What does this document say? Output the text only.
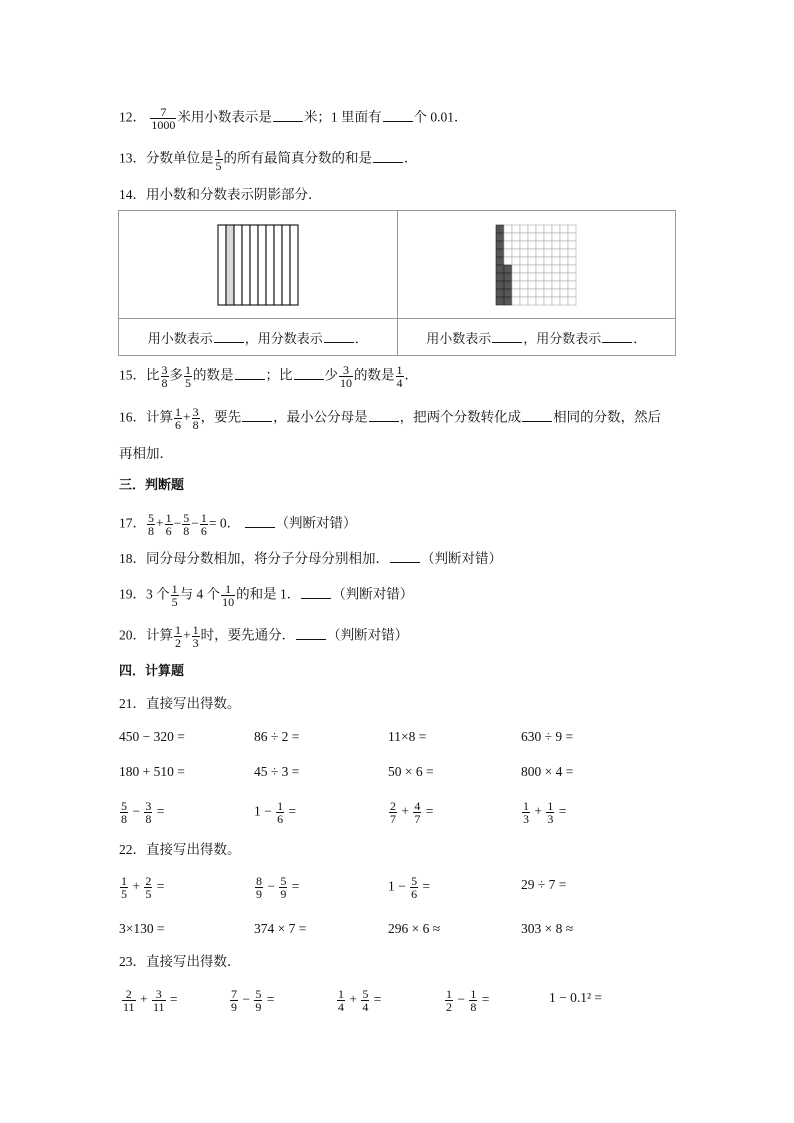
12． $\frac{7}{1000}$ 米用小数表示是 米；1 里面有 个 0.01．
13．分数单位是 $\frac{1}{5}$ 的所有最简真分数的和是 ．
14．用小数和分数表示阴影部分．

用小数表示 ，用分数表示 ．	用小数表示 ，用分数表示 ．
15．比 $\frac{3}{8}$ 多 $\frac{1}{5}$ 的数是 ；比 少 $\frac{3}{10}$ 的数是 $\frac{1}{4}$ ．
16．计算 $\frac{1}{6} + \frac{3}{8}$ ，要先 ，最小公分母是 ，把两个分数转化成 相同的分数，然后
再相加．
三．判断题
17． $\frac{5}{8} + \frac{1}{6} - \frac{5}{8} - \frac{1}{6} = 0$．	（判断对错）
18．同分母分数相加，将分子分母分别相加． （判断对错）
19．3 个 $\frac{1}{5}$ 与 4 个 $\frac{1}{10}$ 的和是 1． （判断对错）
20．计算 $\frac{1}{2} + \frac{1}{3}$ 时，要先通分． （判断对错）
四．计算题
21．直接写出得数。
450 − 320 =	86 ÷ 2 =	11×8 =	630 ÷ 9 =
180 + 510 =	45 ÷ 3 =	50 × 6 =	800 × 4 =
$\frac{5}{8} - \frac{3}{8}$ =	$1 - \frac{1}{6}$ =	$\frac{2}{7} + \frac{4}{7}$ =	$\frac{1}{3} + \frac{1}{3}$ =
22．直接写出得数。
$\frac{1}{5} + \frac{2}{5}$ =	$\frac{8}{9} - \frac{5}{9}$ =	$1 - \frac{5}{6}$ =	29 ÷ 7 =
3×130 =	374 × 7 =	296 × 6 ≈	303 × 8 ≈
23．直接写出得数．
$\frac{2}{11} + \frac{3}{11}$ =	$\frac{7}{9} - \frac{5}{9}$ =	$\frac{1}{4} + \frac{5}{4}$ =	$\frac{1}{2} - \frac{1}{8}$ =	1 − 0.1² =
